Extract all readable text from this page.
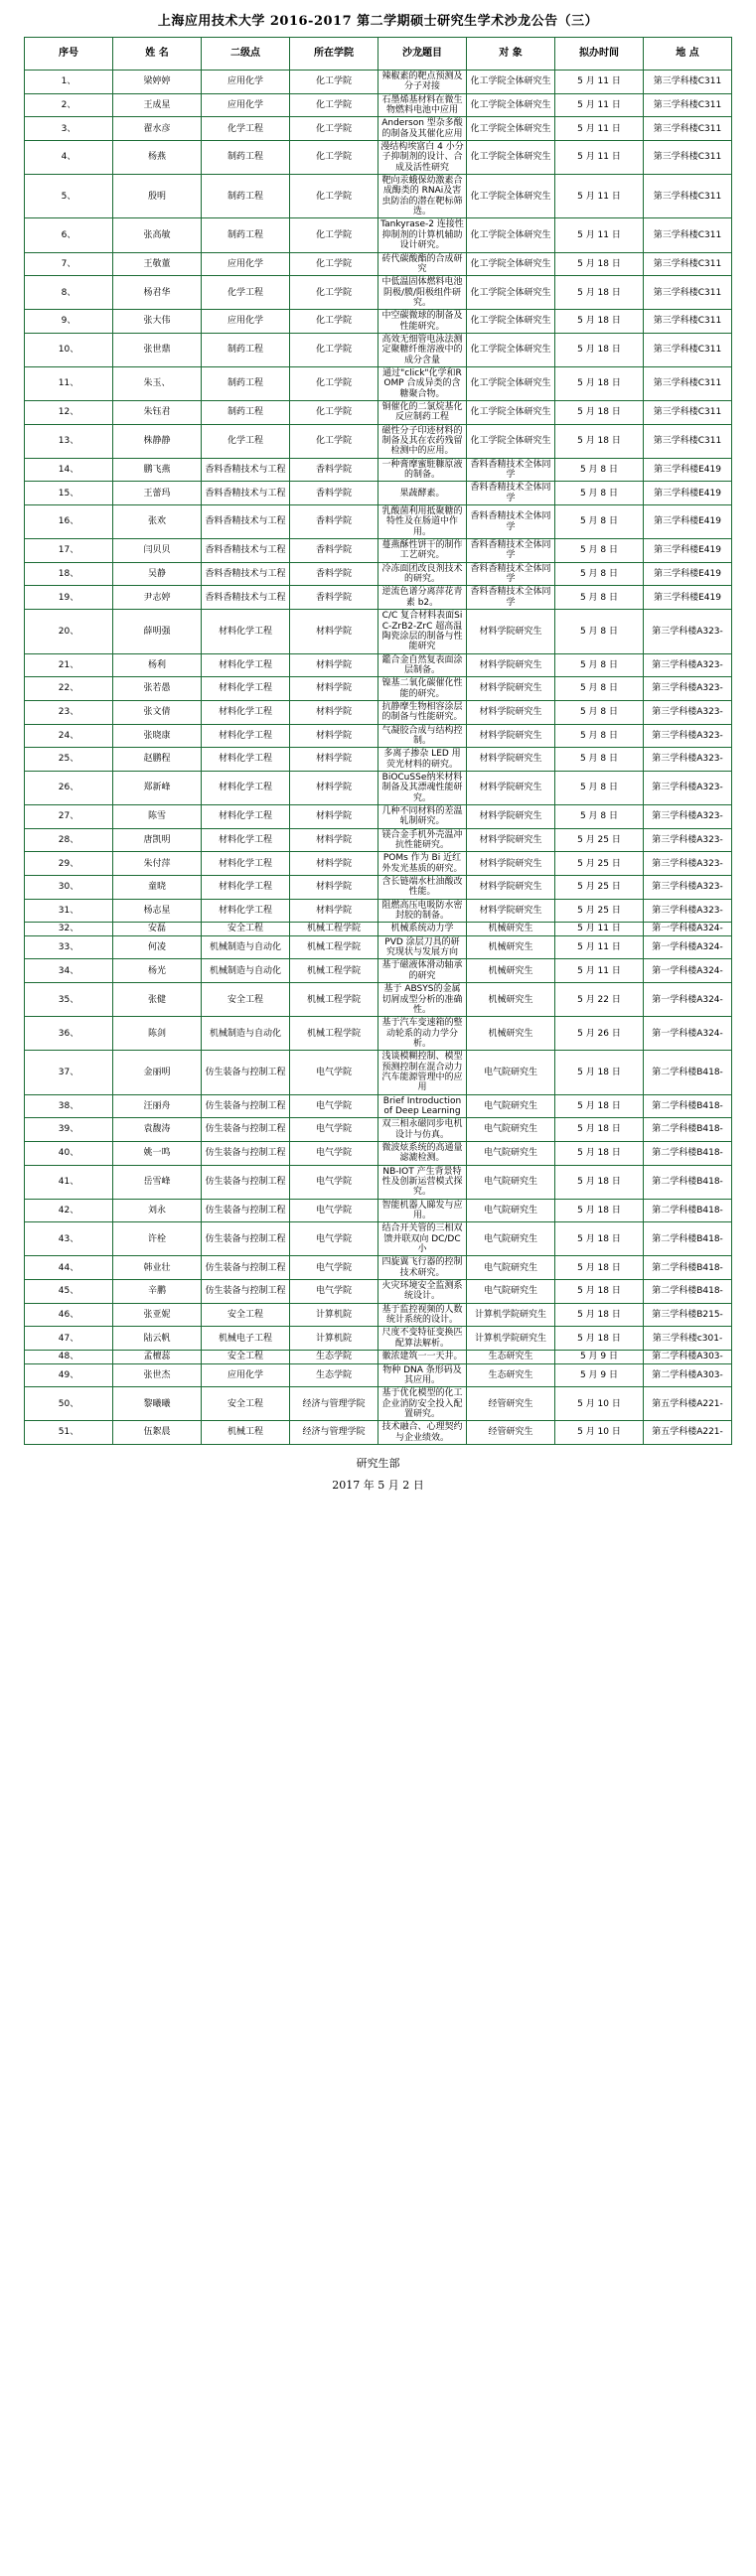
上海应用技术大学 2016-2017 第二学期硕士研究生学术沙龙公告（三）
序号	姓 名	二级点	所在学院	沙龙题目	对 象	拟办时间	地 点
1、	梁婷婷	应用化学	化工学院	辣椒素的靶点预测及分子对接	化工学院全体研究生	5 月 11 日	第三学科楼C311
2、	王成星	应用化学	化工学院	石墨烯基材料在微生物燃料电池中应用	化工学院全体研究生	5 月 11 日	第三学科楼C311
3、	翟水彦	化学工程	化工学院	Anderson 型杂多酸的制备及其催化应用	化工学院全体研究生	5 月 11 日	第三学科楼C311
4、	杨燕	制药工程	化工学院	漫结构埃富白 4 小分子抑制剂的设计、合成及活性研究	化工学院全体研究生	5 月 11 日	第三学科楼C311
5、	殷明	制药工程	化工学院	靶向汞蛾保幼激素合成酶类的 RNAi及害虫防治的潜在靶标筛选。	化工学院全体研究生	5 月 11 日	第三学科楼C311
6、	张高敏	制药工程	化工学院	Tankyrase-2 连接性抑制剂的计算机辅助设计研究。	化工学院全体研究生	5 月 11 日	第三学科楼C311
7、	王敬董	应用化学	化工学院	砖代碳酸酯的合成研究	化工学院全体研究生	5 月 18 日	第三学科楼C311
8、	杨君华	化学工程	化工学院	中低温固体燃料电池阴极/膜/阳极组件研究。	化工学院全体研究生	5 月 18 日	第三学科楼C311
9、	张大伟	应用化学	化工学院	中空碳微球的制备及性能研究。	化工学院全体研究生	5 月 18 日	第三学科楼C311
10、	张世鼎	制药工程	化工学院	高效无细管电泳法测定聚糖纤维溶液中的成分含量	化工学院全体研究生	5 月 18 日	第三学科楼C311
11、	朱玉、	制药工程	化工学院	通过"click"化学和ROMP 合成异类的含糖聚合物。	化工学院全体研究生	5 月 18 日	第三学科楼C311
12、	朱钰君	制药工程	化工学院	铜催化的二氯烷基化反应制药工程	化工学院全体研究生	5 月 18 日	第三学科楼C311
13、	株静静	化学工程	化工学院	磁性分子印迹材料的制备及其在农药残留检测中的应用。	化工学院全体研究生	5 月 18 日	第三学科楼C311
14、	鹏飞燕	香料香精技术与工程	香料学院	一种膏摩蜜駐糠原液的制备。	香料香精技术全体同学	5 月 8 日	第三学科楼E419
15、	王蕾玛	香料香精技术与工程	香料学院	果蔬酵素。	香料香精技术全体同学	5 月 8 日	第三学科楼E419
16、	张欢	香料香精技术与工程	香料学院	乳酸菌利用抵聚糖的特性及在肠道中作用。	香料香精技术全体同学	5 月 8 日	第三学科楼E419
17、	闫贝贝	香料香精技术与工程	香料学院	蔓燕酥性饼干的制作工艺研究。	香料香精技术全体同学	5 月 8 日	第三学科楼E419
18、	吴静	香料香精技术与工程	香料学院	冷冻面团改良剂技术的研究。	香料香精技术全体同学	5 月 8 日	第三学科楼E419
19、	尹志婷	香料香精技术与工程	香料学院	逆流色谱分离萍花青素 b2。	香料香精技术全体同学	5 月 8 日	第三学科楼E419
20、	薛明强	材料化学工程	材料学院	C/C 复合材料表面SiC-ZrB2-ZrC 超高温陶瓷涂层的制备与性能研究	材料学院研究生	5 月 8 日	第三学科楼A323-
21、	杨利	材料化学工程	材料学院	鑑合金自然复表面涂层制备。	材料学院研究生	5 月 8 日	第三学科楼A323-
22、	张若愚	材料化学工程	材料学院	镍基二氧化碳催化性能的研究。	材料学院研究生	5 月 8 日	第三学科楼A323-
23、	张文倩	材料化学工程	材料学院	抗静摩生物相容涂层的制备与性能研究。	材料学院研究生	5 月 8 日	第三学科楼A323-
24、	张晓康	材料化学工程	材料学院	气凝胶合成与结构控制。	材料学院研究生	5 月 8 日	第三学科楼A323-
25、	赵鹏程	材料化学工程	材料学院	多离子掺杂 LED 用荧光材料的研究。	材料学院研究生	5 月 8 日	第三学科楼A323-
26、	郑新峰	材料化学工程	材料学院	BiOCuSSe纳米材料制备及其漂魂性能研究。	材料学院研究生	5 月 8 日	第三学科楼A323-
27、	陈雪	材料化学工程	材料学院	几种不同材料的差温轧制研究。	材料学院研究生	5 月 8 日	第三学科楼A323-
28、	唐凯明	材料化学工程	材料学院	镁合金手机外壳温冲抗性能研究。	材料学院研究生	5 月 25 日	第三学科楼A323-
29、	朱付萍	材料化学工程	材料学院	POMs 作为 Bi 近红外发光基质的研究。	材料学院研究生	5 月 25 日	第三学科楼A323-
30、	童晓	材料化学工程	材料学院	含长链端水杜油酸改性能。	材料学院研究生	5 月 25 日	第三学科楼A323-
31、	杨志星	材料化学工程	材料学院	阻燃高压电吸防水密封胶的制备。	材料学院研究生	5 月 25 日	第三学科楼A323-
32、	安磊	安全工程	机械工程学院	机械系统动力学	机械研究生	5 月 11 日	第一学科楼A324-
33、	何凌	机械制造与自动化	机械工程学院	PVD 涂层刀具的研究现状与发展方向	机械研究生	5 月 11 日	第一学科楼A324-
34、	杨光	机械制造与自动化	机械工程学院	基于磁液体滑动轴承的研究	机械研究生	5 月 11 日	第一学科楼A324-
35、	张健	安全工程	机械工程学院	基于 ABSYS的金属切屑成型分析的准确性。	机械研究生	5 月 22 日	第一学科楼A324-
36、	陈剑	机械制造与自动化	机械工程学院	基于汽车变速箱的整动轮系的动力学分析。	机械研究生	5 月 26 日	第一学科楼A324-
37、	金丽明	仿生装备与控制工程	电气学院	浅谈模糊控制、模型预测控制在混合动力汽车能源管理中的应用	电气院研究生	5 月 18 日	第二学科楼B418-
38、	汪丽舟	仿生装备与控制工程	电气学院	Brief Introduction of Deep Learning	电气院研究生	5 月 18 日	第二学科楼B418-
39、	袁馥涛	仿生装备与控制工程	电气学院	双三相永磁同步电机设计与仿真。	电气院研究生	5 月 18 日	第二学科楼B418-
40、	姚一鸣	仿生装备与控制工程	电气学院	微波炫系统的高通量滤漉检测。	电气院研究生	5 月 18 日	第二学科楼B418-
41、	岳雪峰	仿生装备与控制工程	电气学院	NB-IOT 产生背景特性及创新运营模式探究。	电气院研究生	5 月 18 日	第二学科楼B418-
42、	刘永	仿生装备与控制工程	电气学院	智能机器人睇发与应用。	电气院研究生	5 月 18 日	第二学科楼B418-
43、	许栓	仿生装备与控制工程	电气学院	结合开关管的三相双馈并联双向 DC/DC小	电气院研究生	5 月 18 日	第二学科楼B418-
44、	韩业壮	仿生装备与控制工程	电气学院	四旋翼飞行器的控制技术研究。	电气院研究生	5 月 18 日	第二学科楼B418-
45、	辛鹏	仿生装备与控制工程	电气学院	火灾环境安全监测系统设计。	电气院研究生	5 月 18 日	第二学科楼B418-
46、	张亚妮	安全工程	计算机院	基于监控视频的人数统计系统的设计。	计算机学院研究生	5 月 18 日	第三学科楼B215-
47、	陆云帆	机械电子工程	计算机院	尺度不变特征变换匹配算法解析。	计算机学院研究生	5 月 18 日	第三学科楼c301-
48、	孟檀蕊	安全工程	生态学院	徽浓建筑一一天井。	生态研究生	5 月 9 日	第二学科楼A303-
49、	张世杰	应用化学	生态学院	物种 DNA 条形码及其应用。	生态研究生	5 月 9 日	第二学科楼A303-
50、	黎曦曦	安全工程	经济与管理学院	基于优化模型的化工企业消防安全投入配置研究。	经管研究生	5 月 10 日	第五学科楼A221-
51、	伍絮晨	机械工程	经济与管理学院	技术融合、心理契约与企业绩效。	经管研究生	5 月 10 日	第五学科楼A221-
研究生部
2017 年 5 月 2 日
